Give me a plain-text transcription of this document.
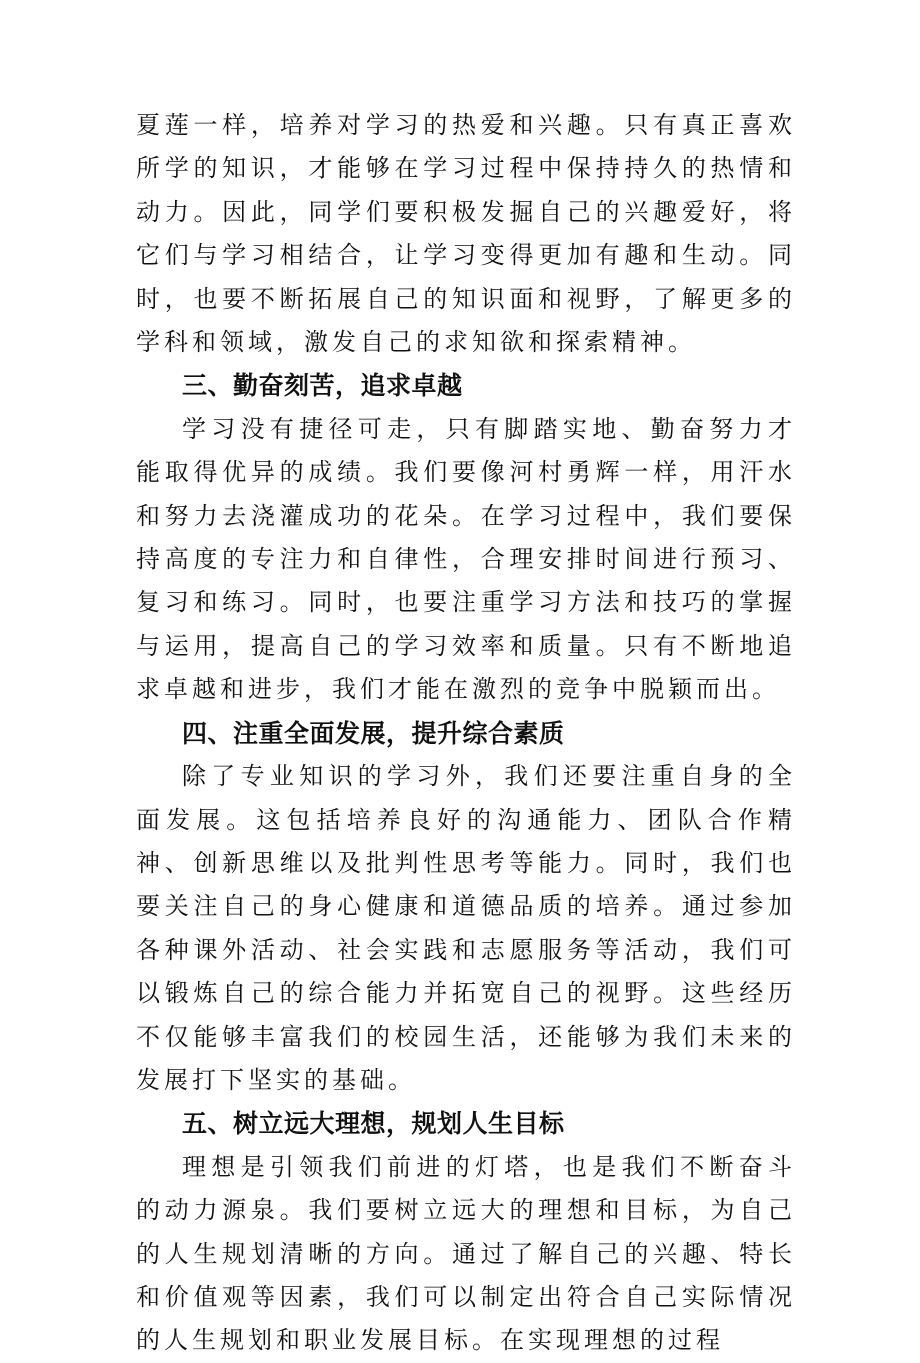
夏莲一样，培养对学习的热爱和兴趣。只有真正喜欢所学的知识，才能够在学习过程中保持持久的热情和动力。因此，同学们要积极发掘自己的兴趣爱好，将它们与学习相结合，让学习变得更加有趣和生动。同时，也要不断拓展自己的知识面和视野，了解更多的学科和领域，激发自己的求知欲和探索精神。

三、勤奋刻苦，追求卓越

学习没有捷径可走，只有脚踏实地、勤奋努力才能取得优异的成绩。我们要像河村勇辉一样，用汗水和努力去浇灌成功的花朵。在学习过程中，我们要保持高度的专注力和自律性，合理安排时间进行预习、复习和练习。同时，也要注重学习方法和技巧的掌握与运用，提高自己的学习效率和质量。只有不断地追求卓越和进步，我们才能在激烈的竞争中脱颖而出。

四、注重全面发展，提升综合素质

除了专业知识的学习外，我们还要注重自身的全面发展。这包括培养良好的沟通能力、团队合作精神、创新思维以及批判性思考等能力。同时，我们也要关注自己的身心健康和道德品质的培养。通过参加各种课外活动、社会实践和志愿服务等活动，我们可以锻炼自己的综合能力并拓宽自己的视野。这些经历不仅能够丰富我们的校园生活，还能够为我们未来的发展打下坚实的基础。

五、树立远大理想，规划人生目标

理想是引领我们前进的灯塔，也是我们不断奋斗的动力源泉。我们要树立远大的理想和目标，为自己的人生规划清晰的方向。通过了解自己的兴趣、特长和价值观等因素，我们可以制定出符合自己实际情况的人生规划和职业发展目标。在实现理想的过程
